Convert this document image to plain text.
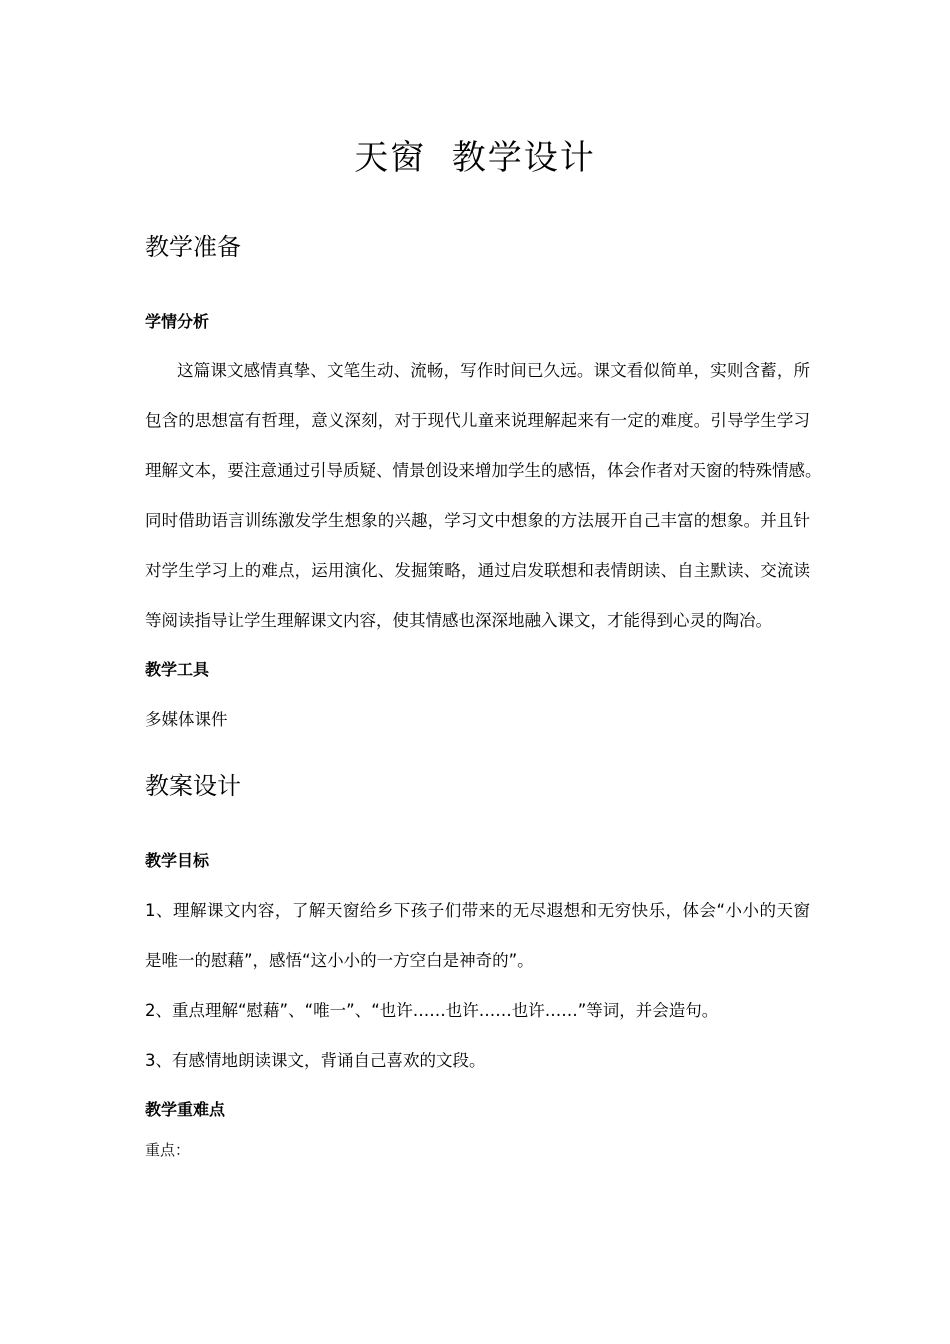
天窗  教学设计
教学准备
学情分析
这篇课文感情真挚、文笔生动、流畅，写作时间已久远。课文看似简单，实则含蓄，所
包含的思想富有哲理，意义深刻，对于现代儿童来说理解起来有一定的难度。引导学生学习
理解文本，要注意通过引导质疑、情景创设来增加学生的感悟，体会作者对天窗的特殊情感。
同时借助语言训练激发学生想象的兴趣，学习文中想象的方法展开自己丰富的想象。并且针
对学生学习上的难点，运用演化、发掘策略，通过启发联想和表情朗读、自主默读、交流读
等阅读指导让学生理解课文内容，使其情感也深深地融入课文，才能得到心灵的陶冶。
教学工具
多媒体课件
教案设计
教学目标
1、理解课文内容，了解天窗给乡下孩子们带来的无尽遐想和无穷快乐，体会“小小的天窗
是唯一的慰藉”，感悟“这小小的一方空白是神奇的”。
2、重点理解“慰藉”、“唯一”、“也许……也许……也许……”等词，并会造句。
3、有感情地朗读课文，背诵自己喜欢的文段。
教学重难点
重点：
